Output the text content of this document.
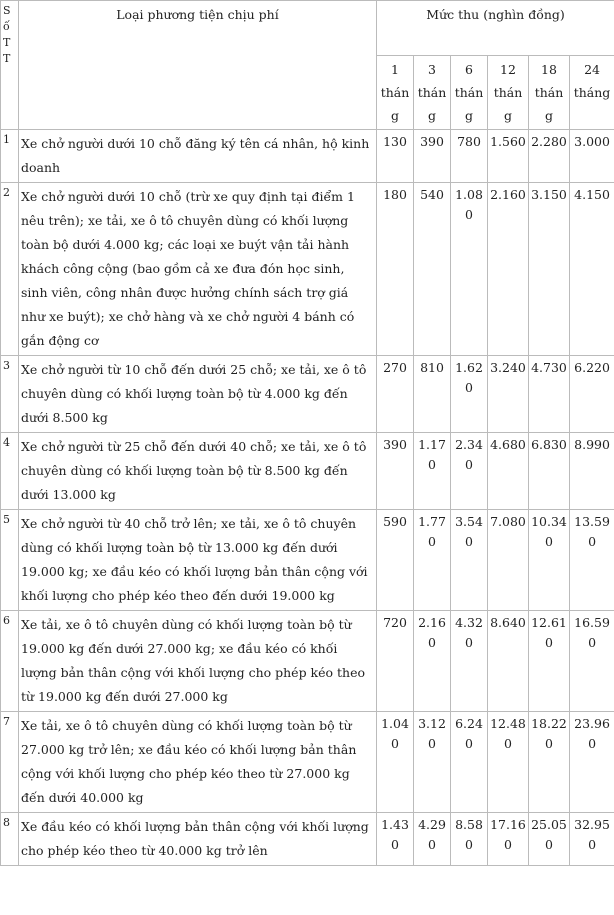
Số TT	Loại phương tiện chịu phí	Mức thu (nghìn đồng)					
		1 tháng	3 tháng	6 tháng	12 tháng	18 tháng	24 tháng
1	Xe chở người dưới 10 chỗ đăng ký tên cá nhân, hộ kinh doanh	130	390	780	1.560	2.280	3.000
2	Xe chở người dưới 10 chỗ (trừ xe quy định tại điểm 1 nêu trên); xe tải, xe ô tô chuyên dùng có khối lượng toàn bộ dưới 4.000 kg; các loại xe buýt vận tải hành khách công cộng (bao gồm cả xe đưa đón học sinh, sinh viên, công nhân được hưởng chính sách trợ giá như xe buýt); xe chở hàng và xe chở người 4 bánh có gắn động cơ	180	540	1.080	2.160	3.150	4.150
3	Xe chở người từ 10 chỗ đến dưới 25 chỗ; xe tải, xe ô tô chuyên dùng có khối lượng toàn bộ từ 4.000 kg đến dưới 8.500 kg	270	810	1.620	3.240	4.730	6.220
4	Xe chở người từ 25 chỗ đến dưới 40 chỗ; xe tải, xe ô tô chuyên dùng có khối lượng toàn bộ từ 8.500 kg đến dưới 13.000 kg	390	1.170	2.340	4.680	6.830	8.990
5	Xe chở người từ 40 chỗ trở lên; xe tải, xe ô tô chuyên dùng có khối lượng toàn bộ từ 13.000 kg đến dưới 19.000 kg; xe đầu kéo có khối lượng bản thân cộng với khối lượng cho phép kéo theo đến dưới 19.000 kg	590	1.770	3.540	7.080	10.340	13.590
6	Xe tải, xe ô tô chuyên dùng có khối lượng toàn bộ từ 19.000 kg đến dưới 27.000 kg; xe đầu kéo có khối lượng bản thân cộng với khối lượng cho phép kéo theo từ 19.000 kg đến dưới 27.000 kg	720	2.160	4.320	8.640	12.610	16.590
7	Xe tải, xe ô tô chuyên dùng có khối lượng toàn bộ từ 27.000 kg trở lên; xe đầu kéo có khối lượng bản thân cộng với khối lượng cho phép kéo theo từ 27.000 kg đến dưới 40.000 kg	1.040	3.120	6.240	12.480	18.220	23.960
8	Xe đầu kéo có khối lượng bản thân cộng với khối lượng cho phép kéo theo từ 40.000 kg trở lên	1.430	4.290	8.580	17.160	25.050	32.950
